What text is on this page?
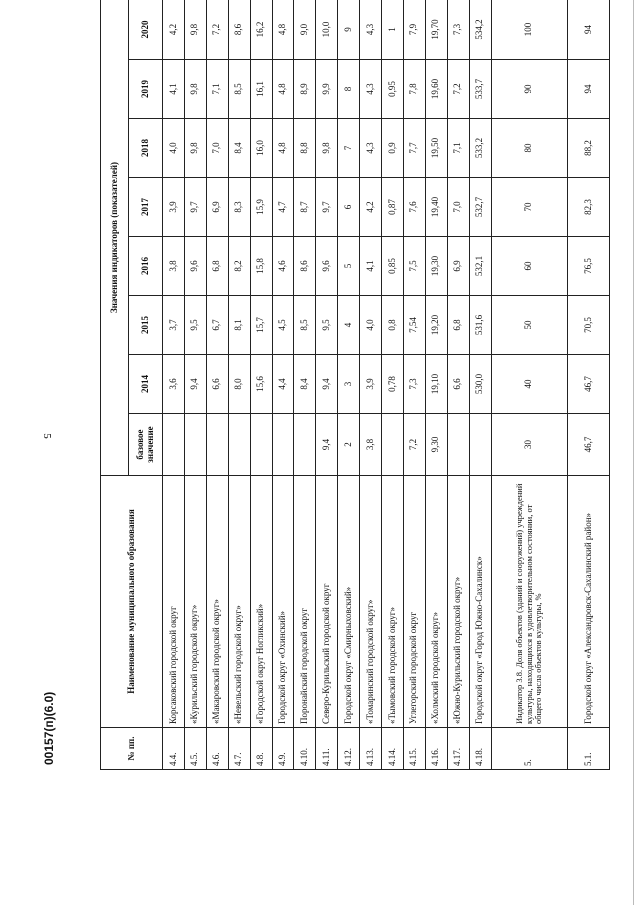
5
№ пп.	Наименование муниципального образования	Значения индикаторов (показателей)							
		базовое значение	2014	2015	2016	2017	2018	2019	2020
4.4.	Корсаковский городской округ		3,6	3,7	3,8	3,9	4,0	4,1	4,2
4.5.	«Курильский городской округ»		9,4	9,5	9,6	9,7	9,8	9,8	9,8
4.6.	«Макаровский городской округ»		6,6	6,7	6,8	6,9	7,0	7,1	7,2
4.7.	«Невельский городской округ»		8,0	8,1	8,2	8,3	8,4	8,5	8,6
4.8.	«Городской округ Ногликский»		15,6	15,7	15,8	15,9	16,0	16,1	16,2
4.9.	Городской округ «Охинский»		4,4	4,5	4,6	4,7	4,8	4,8	4,8
4.10.	Поронайский городской округ		8,4	8,5	8,6	8,7	8,8	8,9	9,0
4.11.	Северо-Курильский городской округ	9,4	9,4	9,5	9,6	9,7	9,8	9,9	10,0
4.12.	Городской округ «Смирныховский»	2	3	4	5	6	7	8	9
4.13.	«Томаринский городской округ»	3,8	3,9	4,0	4,1	4,2	4,3	4,3	4,3
4.14.	«Тымовский городской округ»		0,78	0,8	0,85	0,87	0,9	0,95	1
4.15.	Углегорский городской округ	7,2	7,3	7,54	7,5	7,6	7,7	7,8	7,9
4.16.	«Холмский городской округ»	9,30	19,10	19,20	19,30	19,40	19,50	19,60	19,70
4.17.	«Южно-Курильский городской округ»		6,6	6,8	6,9	7,0	7,1	7,2	7,3
4.18.	Городской округ «Город Южно-Сахалинск»		530,0	531,6	532,1	532,7	533,2	533,7	534,2
5.	Индикатор 3.8. Доля объектов (зданий и сооружений) учреждений культуры, находящихся в удовлетворительном состоянии, от общего числа объектов культуры, %	30	40	50	60	70	80	90	100
5.1.	Городской округ «Александровск-Сахалинский район»	46,7	46,7	70,5	76,5	82,3	88,2	94	94
00157(п)(6.0)
